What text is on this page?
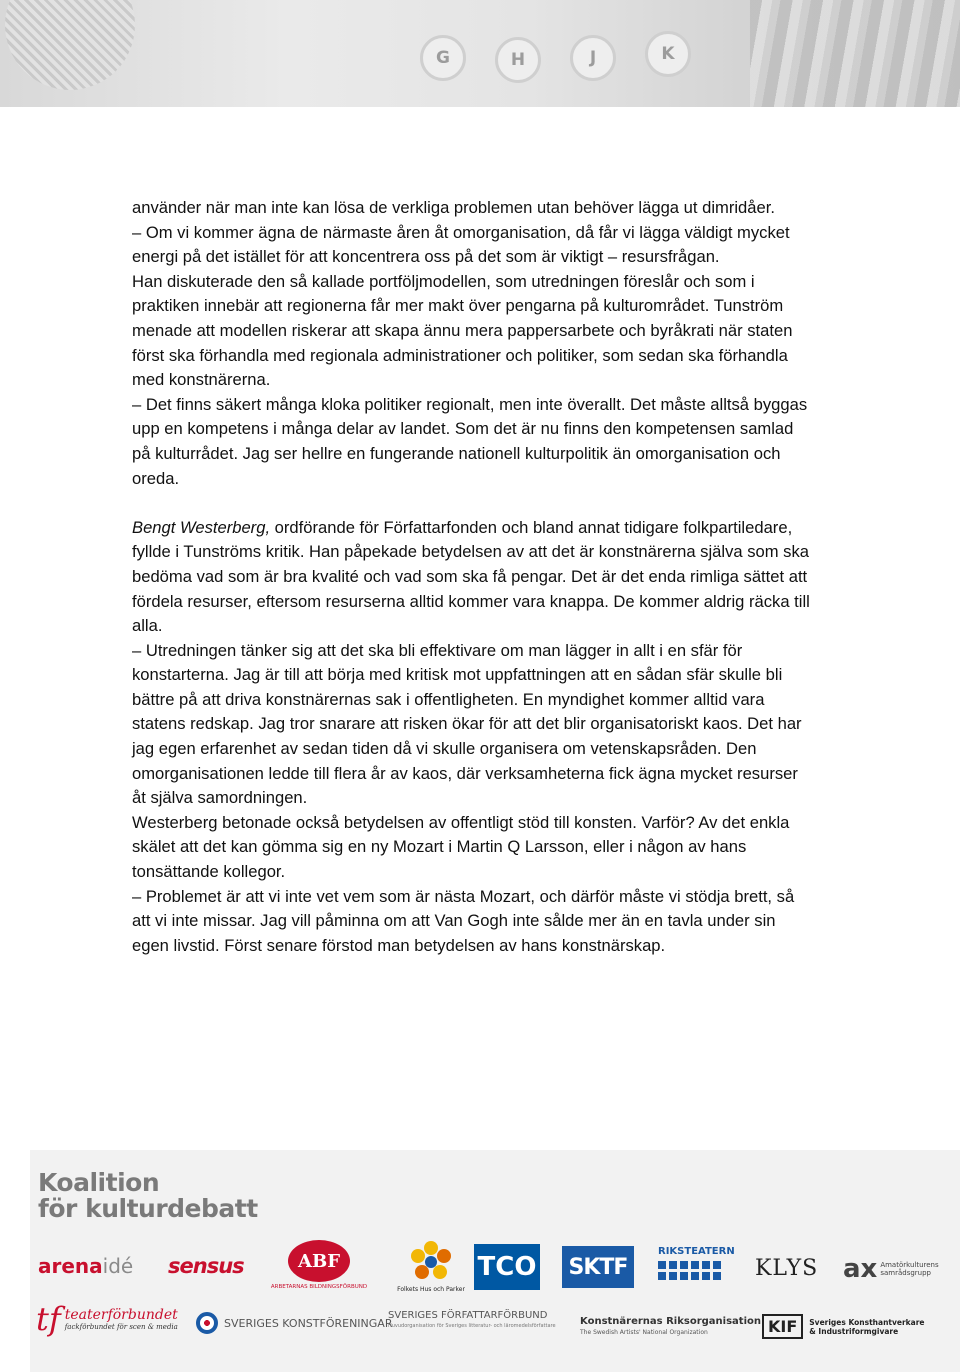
G	H	J	K

använder när man inte kan lösa de verkliga problemen utan behöver lägga ut dimridåer.

– Om vi kommer ägna de närmaste åren åt omorganisation, då får vi lägga väldigt mycket energi på det istället för att koncentrera oss på det som är viktigt – resursfrågan.

Han diskuterade den så kallade portföljmodellen, som utredningen föreslår och som i praktiken innebär att regionerna får mer makt över pengarna på kulturområdet. Tunström menade att modellen riskerar att skapa ännu mera pappersarbete och byråkrati när staten först ska förhandla med regionala administrationer och politiker, som sedan ska förhandla med konstnärerna.

– Det finns säkert många kloka politiker regionalt, men inte överallt. Det måste alltså byggas upp en kompetens i många delar av landet. Som det är nu finns den kompetensen samlad på kulturrådet. Jag ser hellre en fungerande nationell kulturpolitik än omorganisation och oreda.

Bengt Westerberg, ordförande för Författarfonden och bland annat tidigare folkpartiledare, fyllde i Tunströms kritik. Han påpekade betydelsen av att det är konstnärerna själva som ska bedöma vad som är bra kvalité och vad som ska få pengar. Det är det enda rimliga sättet att fördela resurser, eftersom resurserna alltid kommer vara knappa. De kommer aldrig räcka till alla.

– Utredningen tänker sig att det ska bli effektivare om man lägger in allt i en sfär för konstarterna. Jag är till att börja med kritisk mot uppfattningen att en sådan sfär skulle bli bättre på att driva konstnärernas sak i offentligheten. En myndighet kommer alltid vara statens redskap. Jag tror snarare att risken ökar för att det blir organisatoriskt kaos. Det har jag egen erfarenhet av sedan tiden då vi skulle organisera om vetenskapsråden. Den omorganisationen ledde till flera år av kaos, där verksamheterna fick ägna mycket resurser åt själva samordningen.

Westerberg betonade också betydelsen av offentligt stöd till konsten. Varför? Av det enkla skälet att det kan gömma sig en ny Mozart i Martin Q Larsson, eller i någon av hans tonsättande kollegor.

– Problemet är att vi inte vet vem som är nästa Mozart, och därför måste vi stödja brett, så att vi inte missar. Jag vill påminna om att Van Gogh inte sålde mer än en tavla under sin egen livstid. Först senare förstod man betydelsen av hans konstnärskap.

Koalition
för kulturdebatt
arena idé sensus	ABF
ARBETARNAS BILDNINGSFÖRBUND	Folkets Hus och Parker
TCO SKTF
RIKSTEATERN
KLYS ax Amatörkulturens samrådsgrupp
tf teaterförbundet
fackförbundet för scen & media	SVERIGES KONSTFÖRENINGAR
SVERIGES FÖRFATTARFÖRBUND
Huvudorganisation för Sveriges litteratur- och läromedelsförfattare Konstnärernas Riksorganisation
The Swedish Artists' National Organization	KIF	Sveriges Konsthantverkare
& Industriformgivare
